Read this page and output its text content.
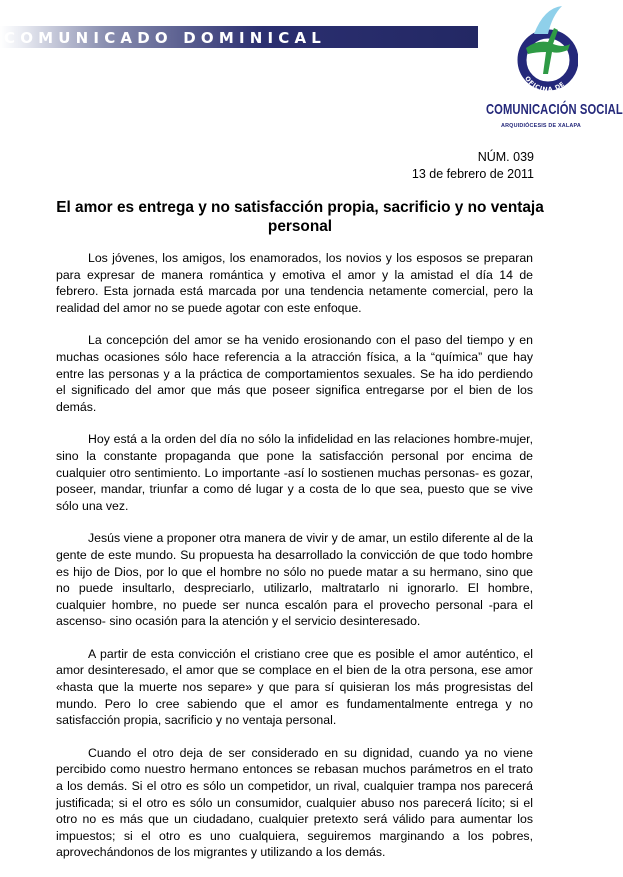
COMUNICADO DOMINICAL
OFICINA DE
COMUNICACIÓN SOCIAL
ARQUIDIÓCESIS DE XALAPA
NÚM. 039
13 de febrero de 2011
El amor es entrega y no satisfacción propia, sacrificio y no ventaja personal

Los jóvenes, los amigos, los enamorados, los novios y los esposos se preparan para expresar de manera romántica y emotiva el amor y la amistad el día 14 de febrero. Esta jornada está marcada por una tendencia netamente comercial, pero la realidad del amor no se puede agotar con este enfoque.

La concepción del amor se ha venido erosionando con el paso del tiempo y en muchas ocasiones sólo hace referencia a la atracción física, a la “química” que hay entre las personas y a la práctica de comportamientos sexuales. Se ha ido perdiendo el significado del amor que más que poseer significa entregarse por el bien de los demás.

Hoy está a la orden del día no sólo la infidelidad en las relaciones hombre-mujer, sino la constante propaganda que pone la satisfacción personal por encima de cualquier otro sentimiento. Lo importante -así lo sostienen muchas personas- es gozar, poseer, mandar, triunfar a como dé lugar y a costa de lo que sea, puesto que se vive sólo una vez.

Jesús viene a proponer otra manera de vivir y de amar, un estilo diferente al de la gente de este mundo. Su propuesta ha desarrollado la convicción de que todo hombre es hijo de Dios, por lo que el hombre no sólo no puede matar a su hermano, sino que no puede insultarlo, despreciarlo, utilizarlo, maltratarlo ni ignorarlo. El hombre, cualquier hombre, no puede ser nunca escalón para el provecho personal -para el ascenso- sino ocasión para la atención y el servicio desinteresado.

A partir de esta convicción el cristiano cree que es posible el amor auténtico, el amor desinteresado, el amor que se complace en el bien de la otra persona, ese amor «hasta que la muerte nos separe» y que para sí quisieran los más progresistas del mundo. Pero lo cree sabiendo que el amor es fundamentalmente entrega y no satisfacción propia, sacrificio y no ventaja personal.

Cuando el otro deja de ser considerado en su dignidad, cuando ya no viene percibido como nuestro hermano entonces se rebasan muchos parámetros en el trato a los demás. Si el otro es sólo un competidor, un rival, cualquier trampa nos parecerá justificada; si el otro es sólo un consumidor, cualquier abuso nos parecerá lícito; si el otro no es más que un ciudadano, cualquier pretexto será válido para aumentar los impuestos; si el otro es uno cualquiera, seguiremos marginando a los pobres, aprovechándonos de los migrantes y utilizando a los demás.
